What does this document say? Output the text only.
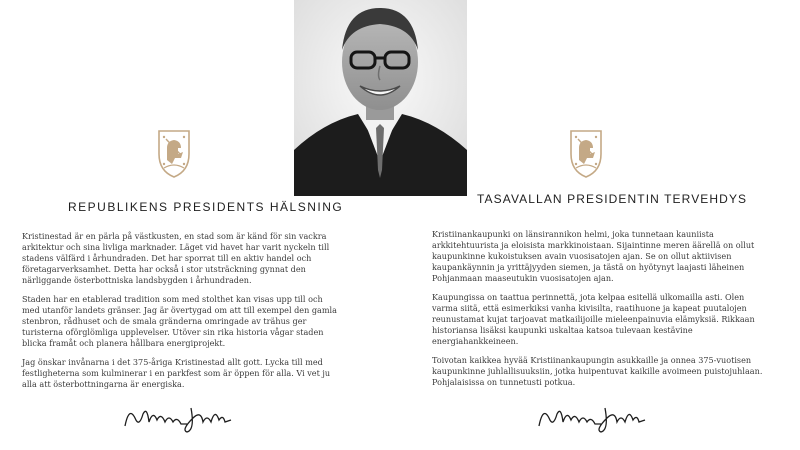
REPUBLIKENS PRESIDENTS HÄLSNING
TASAVALLAN PRESIDENTIN TERVEHDYS

Kristinestad är en pärla på västkusten, en stad som är känd för sin vackra arkitektur och sina livliga marknader. Läget vid havet har varit nyckeln till stadens välfärd i århundraden. Det har sporrat till en aktiv handel och företagarverksamhet. Detta har också i stor utsträckning gynnat den närliggande österbottniska landsbygden i århundraden.

Staden har en etablerad tradition som med stolthet kan visas upp till och med utanför landets gränser. Jag är övertygad om att till exempel den gamla stenbron, rådhuset och de smala gränderna omringade av trähus ger turisterna oförglömliga upplevelser. Utöver sin rika historia vågar staden blicka framåt och planera hållbara energiprojekt.

Jag önskar invånarna i det 375-åriga Kristinestad allt gott. Lycka till med festligheterna som kulminerar i en parkfest som är öppen för alla. Vi vet ju alla att österbottningarna är energiska.

Kristiinankaupunki on länsirannikon helmi, joka tunnetaan kauniista arkkitehtuurista ja eloisista markkinoistaan. Sijaintinne meren äärellä on ollut kaupunkinne kukoistuksen avain vuosisatojen ajan. Se on ollut aktiivisen kaupankäynnin ja yrittäjyyden siemen, ja tästä on hyötynyt laajasti läheinen Pohjanmaan maaseutukin vuosisatojen ajan.

Kaupungissa on taattua perinnettä, jota kelpaa esitellä ulkomailla asti. Olen varma siitä, että esimerkiksi vanha kivisilta, raatihuone ja kapeat puutalojen reunustamat kujat tarjoavat matkailijoille mieleenpainuvia elämyksiä. Rikkaan historiansa lisäksi kaupunki uskaltaa katsoa tulevaan kestävine energiahankkeineen.

Toivotan kaikkea hyvää Kristiinankaupungin asukkaille ja onnea 375-vuotisen kaupunkinne juhlallisuuksiin, jotka huipentuvat kaikille avoimeen puistojuhlaan. Pohjalaisissa on tunnetusti potkua.
